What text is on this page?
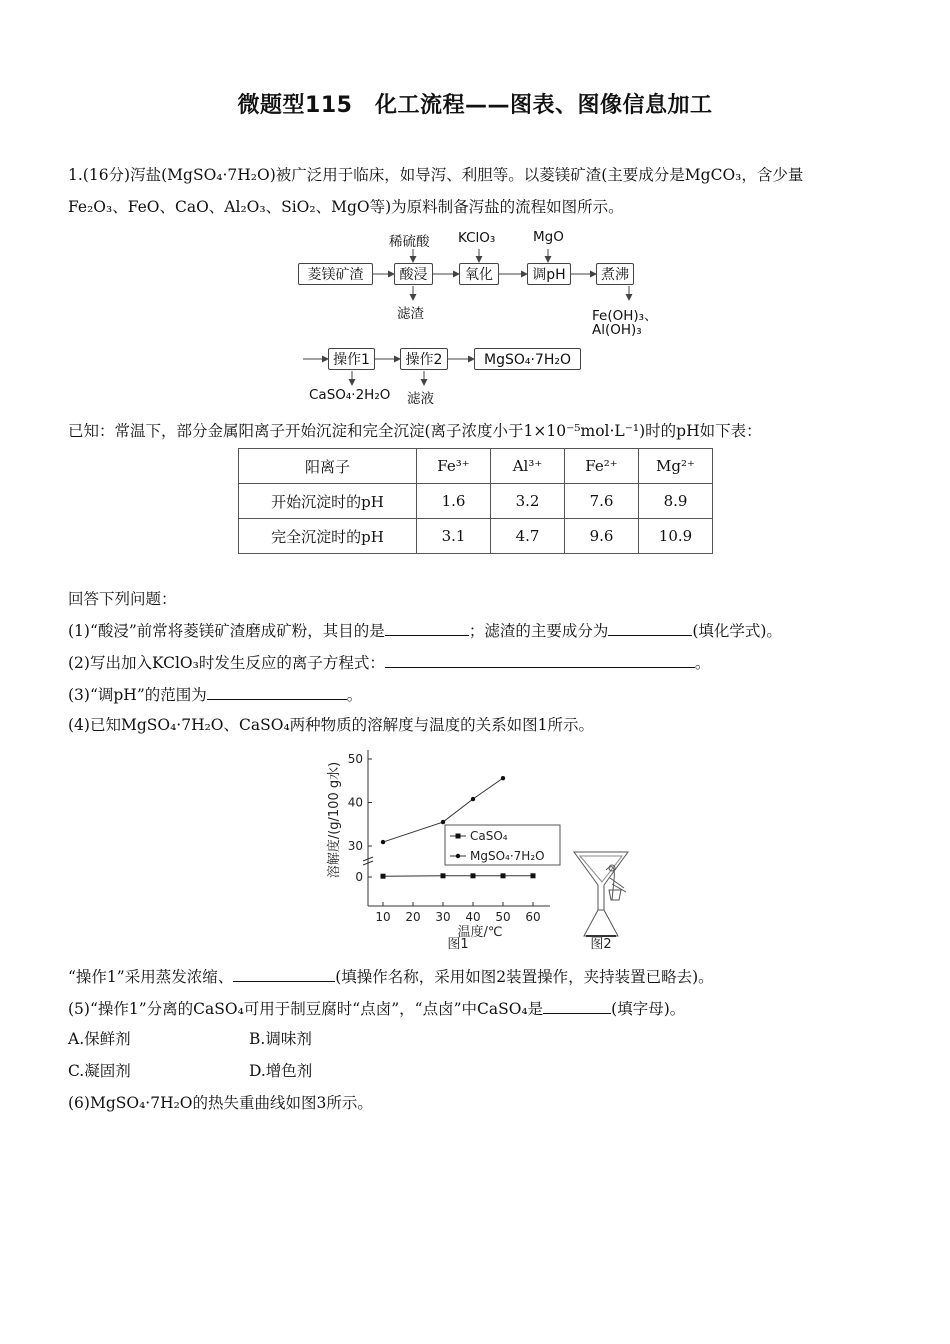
微题型115　化工流程——图表、图像信息加工
1.(16分)泻盐(MgSO₄·7H₂O)被广泛用于临床，如导泻、利胆等。以菱镁矿渣(主要成分是MgCO₃，含少量
Fe₂O₃、FeO、CaO、Al₂O₃、SiO₂、MgO等)为原料制备泻盐的流程如图所示。
菱镁矿渣	酸浸	氧化	调pH	煮沸
操作1	操作2	MgSO₄·7H₂O
稀硫酸 KClO₃	MgO
滤渣	Fe(OH)₃、
Al(OH)₃
CaSO₄·2H₂O 滤液
已知：常温下，部分金属阳离子开始沉淀和完全沉淀(离子浓度小于1×10⁻⁵mol·L⁻¹)时的pH如下表：
阳离子	Fe³⁺	Al³⁺	Fe²⁺	Mg²⁺
开始沉淀时的pH	1.6	3.2	7.6	8.9
完全沉淀时的pH	3.1	4.7	9.6	10.9
回答下列问题：
(1)“酸浸”前常将菱镁矿渣磨成矿粉，其目的是	；滤渣的主要成分为	(填化学式)。
(2)写出加入KClO₃时发生反应的离子方程式：	。
(3)“调pH”的范围为	。
(4)已知MgSO₄·7H₂O、CaSO₄两种物质的溶解度与温度的关系如图1所示。
10 20 30 40 50 60
0
30
40
50
温度/℃
溶解度/(g/100 g水)	CaSO₄
MgSO₄·7H₂O
图1	图2
“操作1”采用蒸发浓缩、	(填操作名称，采用如图2装置操作，夹持装置已略去)。
(5)“操作1”分离的CaSO₄可用于制豆腐时“点卤”，“点卤”中CaSO₄是	(填字母)。
A.保鲜剂	B.调味剂
C.凝固剂	D.增色剂
(6)MgSO₄·7H₂O的热失重曲线如图3所示。
